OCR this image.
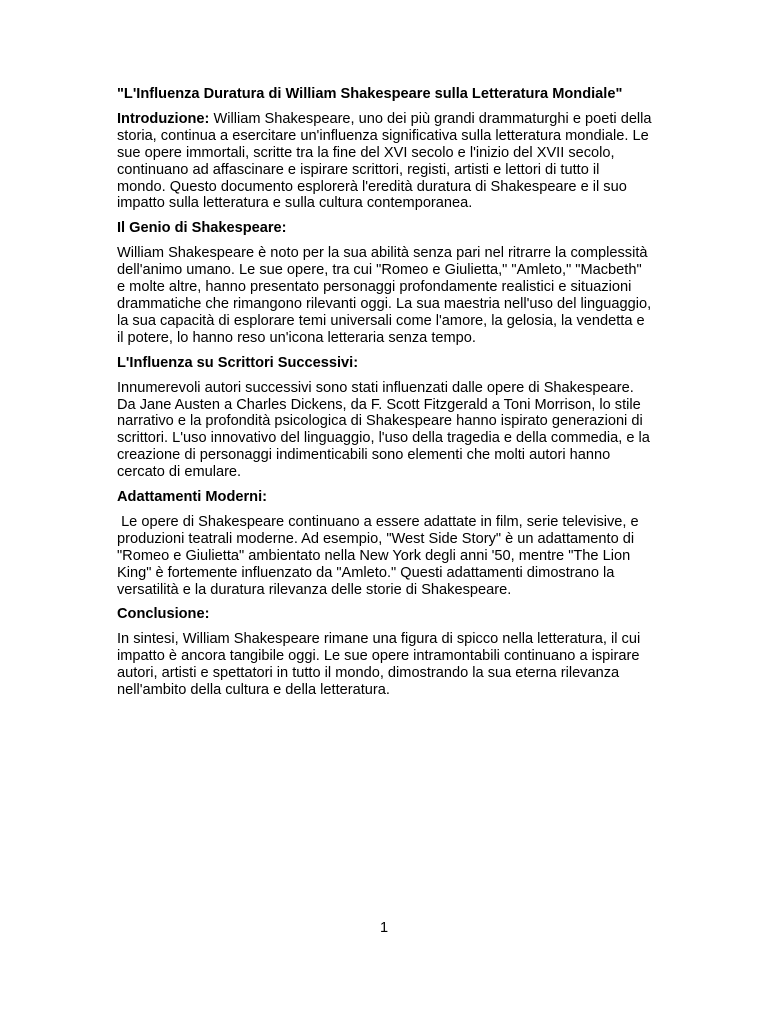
"L'Influenza Duratura di William Shakespeare sulla Letteratura Mondiale"
Introduzione: William Shakespeare, uno dei più grandi drammaturghi e poeti della storia, continua a esercitare un'influenza significativa sulla letteratura mondiale. Le sue opere immortali, scritte tra la fine del XVI secolo e l'inizio del XVII secolo, continuano ad affascinare e ispirare scrittori, registi, artisti e lettori di tutto il mondo. Questo documento esplorerà l'eredità duratura di Shakespeare e il suo impatto sulla letteratura e sulla cultura contemporanea.
Il Genio di Shakespeare:
William Shakespeare è noto per la sua abilità senza pari nel ritrarre la complessità dell'animo umano. Le sue opere, tra cui "Romeo e Giulietta," "Amleto," "Macbeth" e molte altre, hanno presentato personaggi profondamente realistici e situazioni drammatiche che rimangono rilevanti oggi. La sua maestria nell'uso del linguaggio, la sua capacità di esplorare temi universali come l'amore, la gelosia, la vendetta e il potere, lo hanno reso un'icona letteraria senza tempo.
L'Influenza su Scrittori Successivi:
Innumerevoli autori successivi sono stati influenzati dalle opere di Shakespeare. Da Jane Austen a Charles Dickens, da F. Scott Fitzgerald a Toni Morrison, lo stile narrativo e la profondità psicologica di Shakespeare hanno ispirato generazioni di scrittori. L'uso innovativo del linguaggio, l'uso della tragedia e della commedia, e la creazione di personaggi indimenticabili sono elementi che molti autori hanno cercato di emulare.
Adattamenti Moderni:
Le opere di Shakespeare continuano a essere adattate in film, serie televisive, e produzioni teatrali moderne. Ad esempio, "West Side Story" è un adattamento di "Romeo e Giulietta" ambientato nella New York degli anni '50, mentre "The Lion King" è fortemente influenzato da "Amleto." Questi adattamenti dimostrano la versatilità e la duratura rilevanza delle storie di Shakespeare.
Conclusione:
In sintesi, William Shakespeare rimane una figura di spicco nella letteratura, il cui impatto è ancora tangibile oggi. Le sue opere intramontabili continuano a ispirare autori, artisti e spettatori in tutto il mondo, dimostrando la sua eterna rilevanza nell'ambito della cultura e della letteratura.
1
